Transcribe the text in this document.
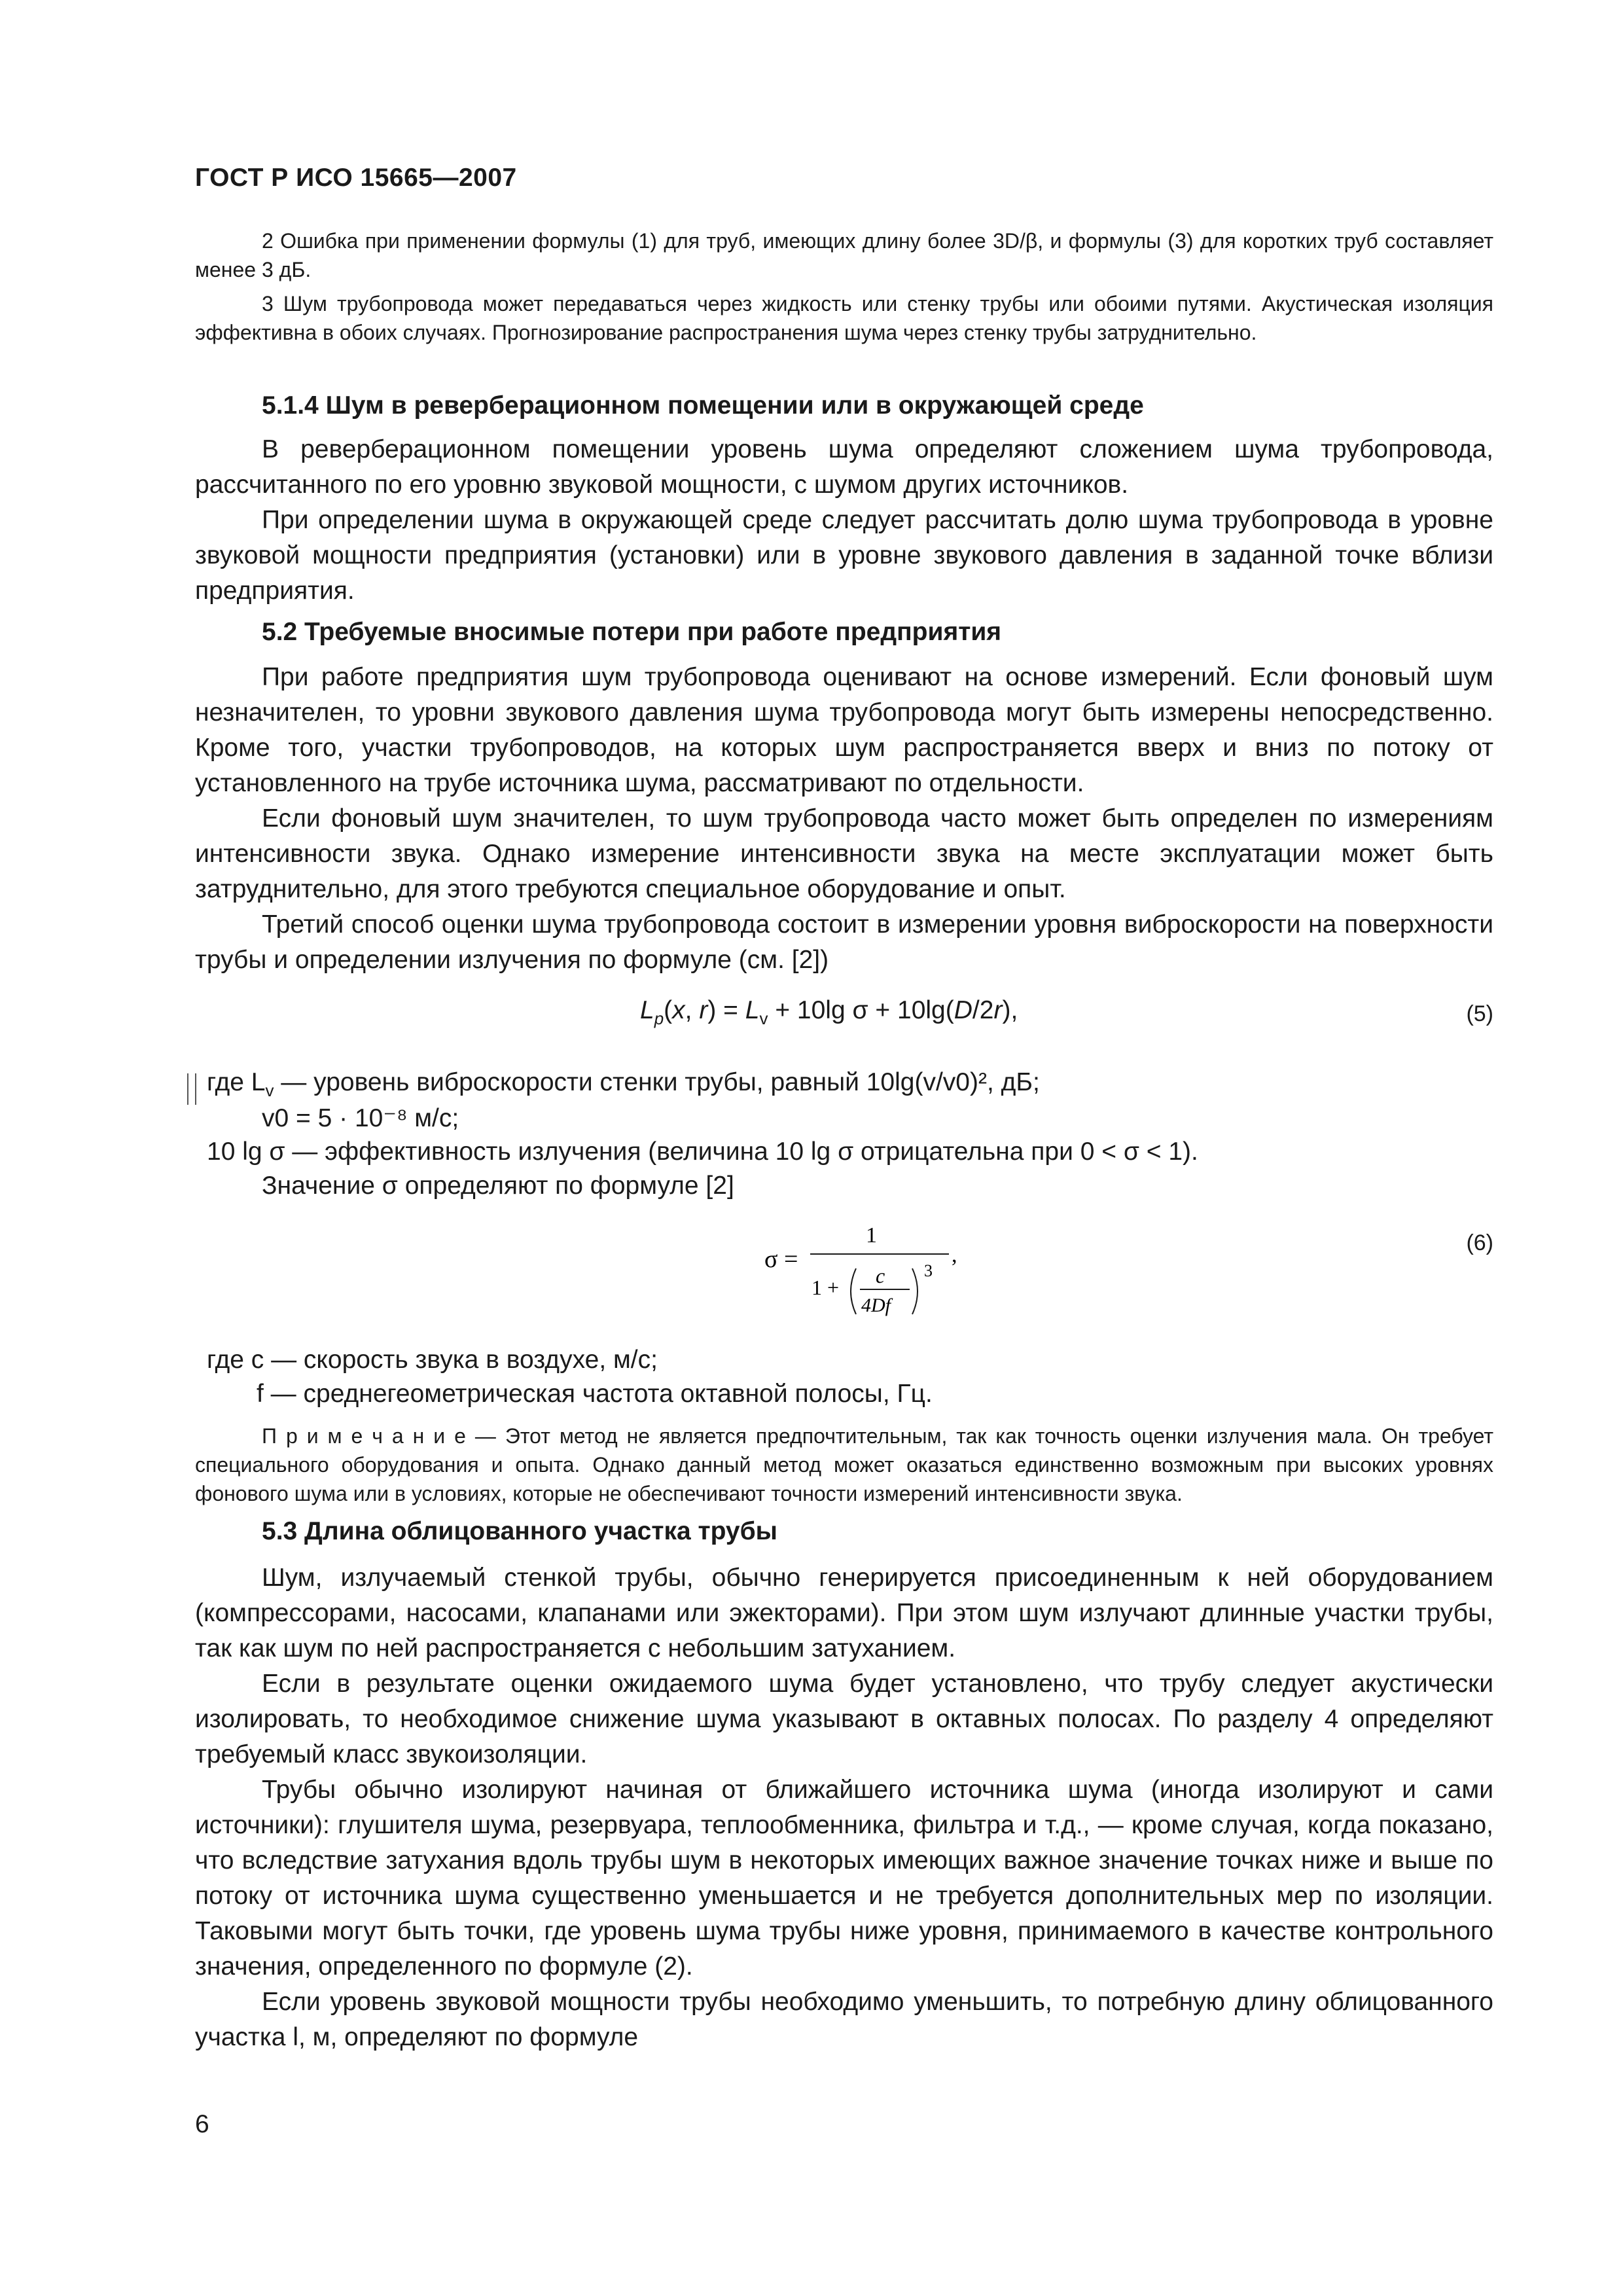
ГОСТ Р ИСО 15665—2007
2 Ошибка при применении формулы (1) для труб, имеющих длину более 3D/β, и формулы (3) для коротких труб составляет менее 3 дБ.
3 Шум трубопровода может передаваться через жидкость или стенку трубы или обоими путями. Акустическая изоляция эффективна в обоих случаях. Прогнозирование распространения шума через стенку трубы затруднительно.
5.1.4 Шум в реверберационном помещении или в окружающей среде

В реверберационном помещении уровень шума определяют сложением шума трубопровода, рассчитанного по его уровню звуковой мощности, с шумом других источников.

При определении шума в окружающей среде следует рассчитать долю шума трубопровода в уровне звуковой мощности предприятия (установки) или в уровне звукового давления в заданной точке вблизи предприятия.

5.2 Требуемые вносимые потери при работе предприятия

При работе предприятия шум трубопровода оценивают на основе измерений. Если фоновый шум незначителен, то уровни звукового давления шума трубопровода могут быть измерены непосредственно. Кроме того, участки трубопроводов, на которых шум распространяется вверх и вниз по потоку от установленного на трубе источника шума, рассматривают по отдельности.

Если фоновый шум значителен, то шум трубопровода часто может быть определен по измерениям интенсивности звука. Однако измерение интенсивности звука на месте эксплуатации может быть затруднительно, для этого требуются специальное оборудование и опыт.

Третий способ оценки шума трубопровода состоит в измерении уровня виброскорости на поверхности трубы и определении излучения по формуле (см. [2])

$L_p(x$, $r) = L_v + 10\lg$ σ + 10lg(D/2r),	(5)
где $L_v$ — уровень виброскорости стенки трубы, равный 10lg(v/v0)², дБ;
v0 = 5 · 10⁻⁸ м/с;
10 lg σ — эффективность излучения (величина 10 lg σ отрицательна при 0 < σ < 1).
Значение σ определяют по формуле [2]
σ =
1
1 + c
4Df
3
,	(6)
где c — скорость звука в воздухе, м/с;
f — среднегеометрическая частота октавной полосы, Гц.
П р и м е ч а н и е — Этот метод не является предпочтительным, так как точность оценки излучения мала. Он требует специального оборудования и опыта. Однако данный метод может оказаться единственно возможным при высоких уровнях фонового шума или в условиях, которые не обеспечивают точности измерений интенсивности звука.
5.3 Длина облицованного участка трубы

Шум, излучаемый стенкой трубы, обычно генерируется присоединенным к ней оборудованием (компрессорами, насосами, клапанами или эжекторами). При этом шум излучают длинные участки трубы, так как шум по ней распространяется с небольшим затуханием.

Если в результате оценки ожидаемого шума будет установлено, что трубу следует акустически изолировать, то необходимое снижение шума указывают в октавных полосах. По разделу 4 определяют требуемый класс звукоизоляции.

Трубы обычно изолируют начиная от ближайшего источника шума (иногда изолируют и сами источники): глушителя шума, резервуара, теплообменника, фильтра и т.д., — кроме случая, когда показано, что вследствие затухания вдоль трубы шум в некоторых имеющих важное значение точках ниже и выше по потоку от источника шума существенно уменьшается и не требуется дополнительных мер по изоляции. Таковыми могут быть точки, где уровень шума трубы ниже уровня, принимаемого в качестве контрольного значения, определенного по формуле (2).

Если уровень звуковой мощности трубы необходимо уменьшить, то потребную длину облицованного участка l, м, определяют по формуле

6
